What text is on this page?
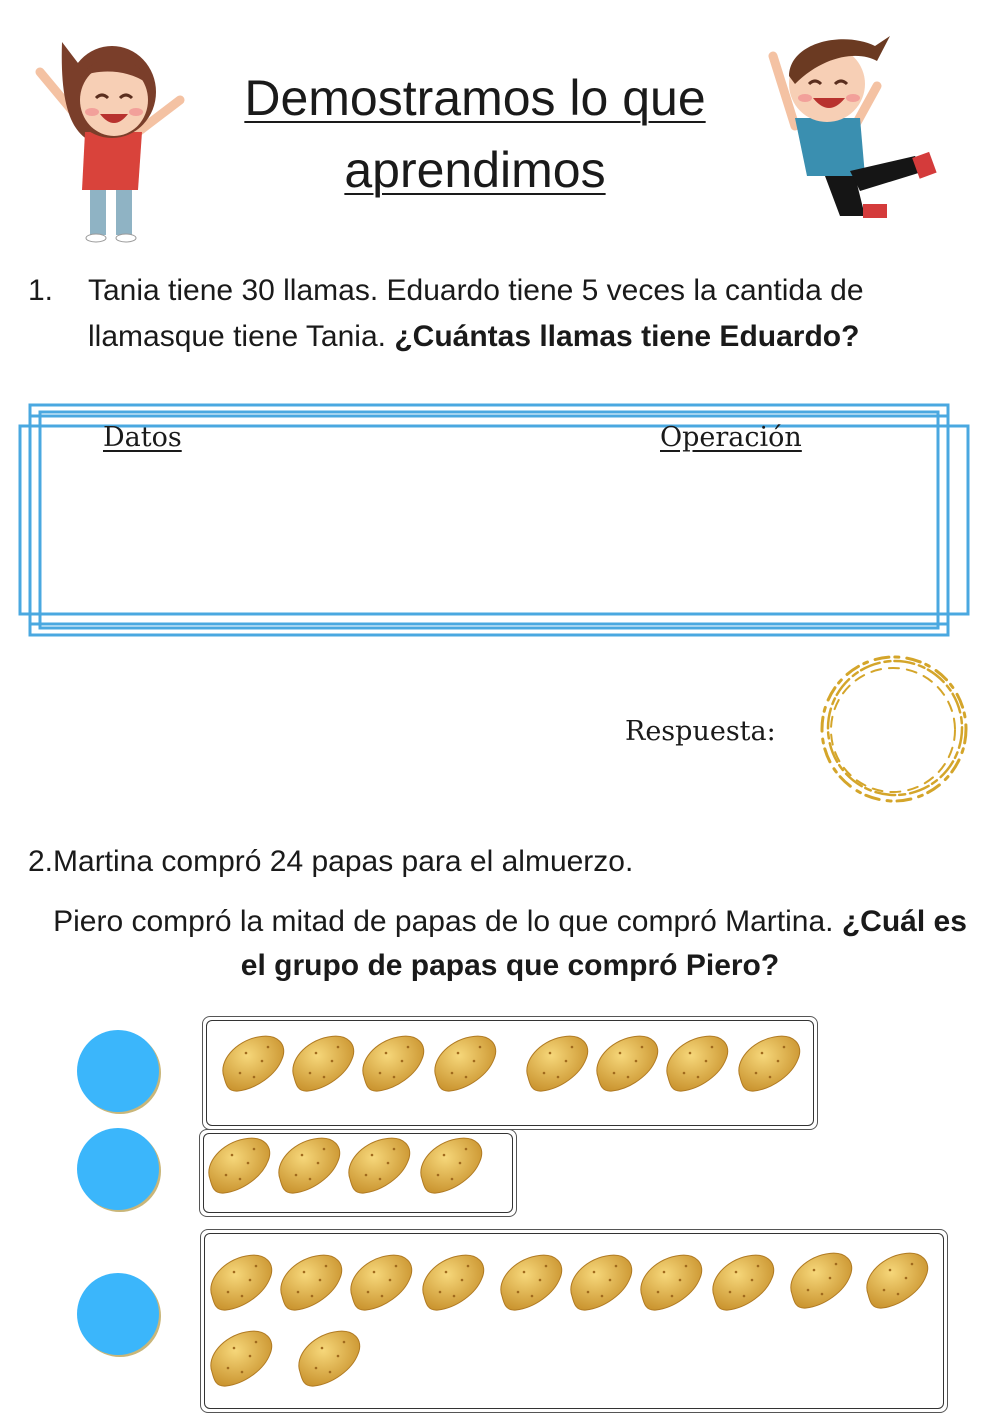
Demostramos lo que
aprendimos
1. Tania tiene 30 llamas. Eduardo tiene 5 veces la cantida de llamasque tiene Tania. ¿Cuántas llamas tiene Eduardo?
Datos	Operación
Respuesta:
2.Martina compró 24 papas para el almuerzo.
Piero compró la mitad de papas de lo que compró Martina. ¿Cuál es el grupo de papas que compró Piero?
